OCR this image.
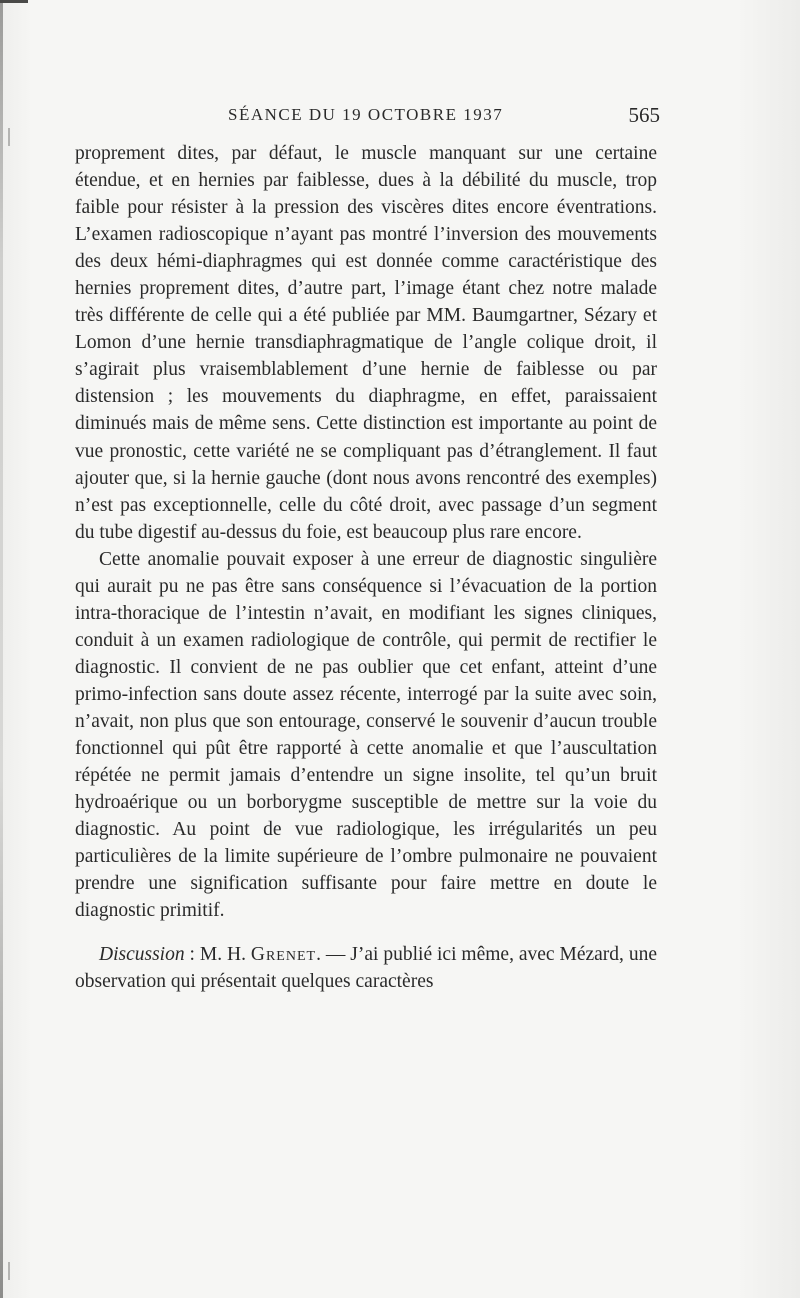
SÉANCE DU 19 OCTOBRE 1937	565

proprement dites, par défaut, le muscle manquant sur une certaine étendue, et en hernies par faiblesse, dues à la débilité du muscle, trop faible pour résister à la pression des viscères dites encore éventrations. L’examen radioscopique n’ayant pas montré l’inversion des mouvements des deux hémi-diaphragmes qui est donnée comme caractéristique des hernies proprement dites, d’autre part, l’image étant chez notre malade très différente de celle qui a été publiée par MM. Baumgartner, Sézary et Lomon d’une hernie transdiaphragmatique de l’angle colique droit, il s’agirait plus vraisemblablement d’une hernie de faiblesse ou par distension ; les mouvements du diaphragme, en effet, paraissaient diminués mais de même sens. Cette distinction est importante au point de vue pronostic, cette variété ne se compliquant pas d’étranglement. Il faut ajouter que, si la hernie gauche (dont nous avons rencontré des exemples) n’est pas exceptionnelle, celle du côté droit, avec passage d’un segment du tube digestif au-dessus du foie, est beaucoup plus rare encore.

Cette anomalie pouvait exposer à une erreur de diagnostic singulière qui aurait pu ne pas être sans conséquence si l’évacuation de la portion intra-thoracique de l’intestin n’avait, en modifiant les signes cliniques, conduit à un examen radiologique de contrôle, qui permit de rectifier le diagnostic. Il convient de ne pas oublier que cet enfant, atteint d’une primo-infection sans doute assez récente, interrogé par la suite avec soin, n’avait, non plus que son entourage, conservé le souvenir d’aucun trouble fonctionnel qui pût être rapporté à cette anomalie et que l’auscultation répétée ne permit jamais d’entendre un signe insolite, tel qu’un bruit hydroaérique ou un borborygme susceptible de mettre sur la voie du diagnostic. Au point de vue radiologique, les irrégularités un peu particulières de la limite supérieure de l’ombre pulmonaire ne pouvaient prendre une signification suffisante pour faire mettre en doute le diagnostic primitif.

Discussion : M. H. Grenet. — J’ai publié ici même, avec Mézard, une observation qui présentait quelques caractères
